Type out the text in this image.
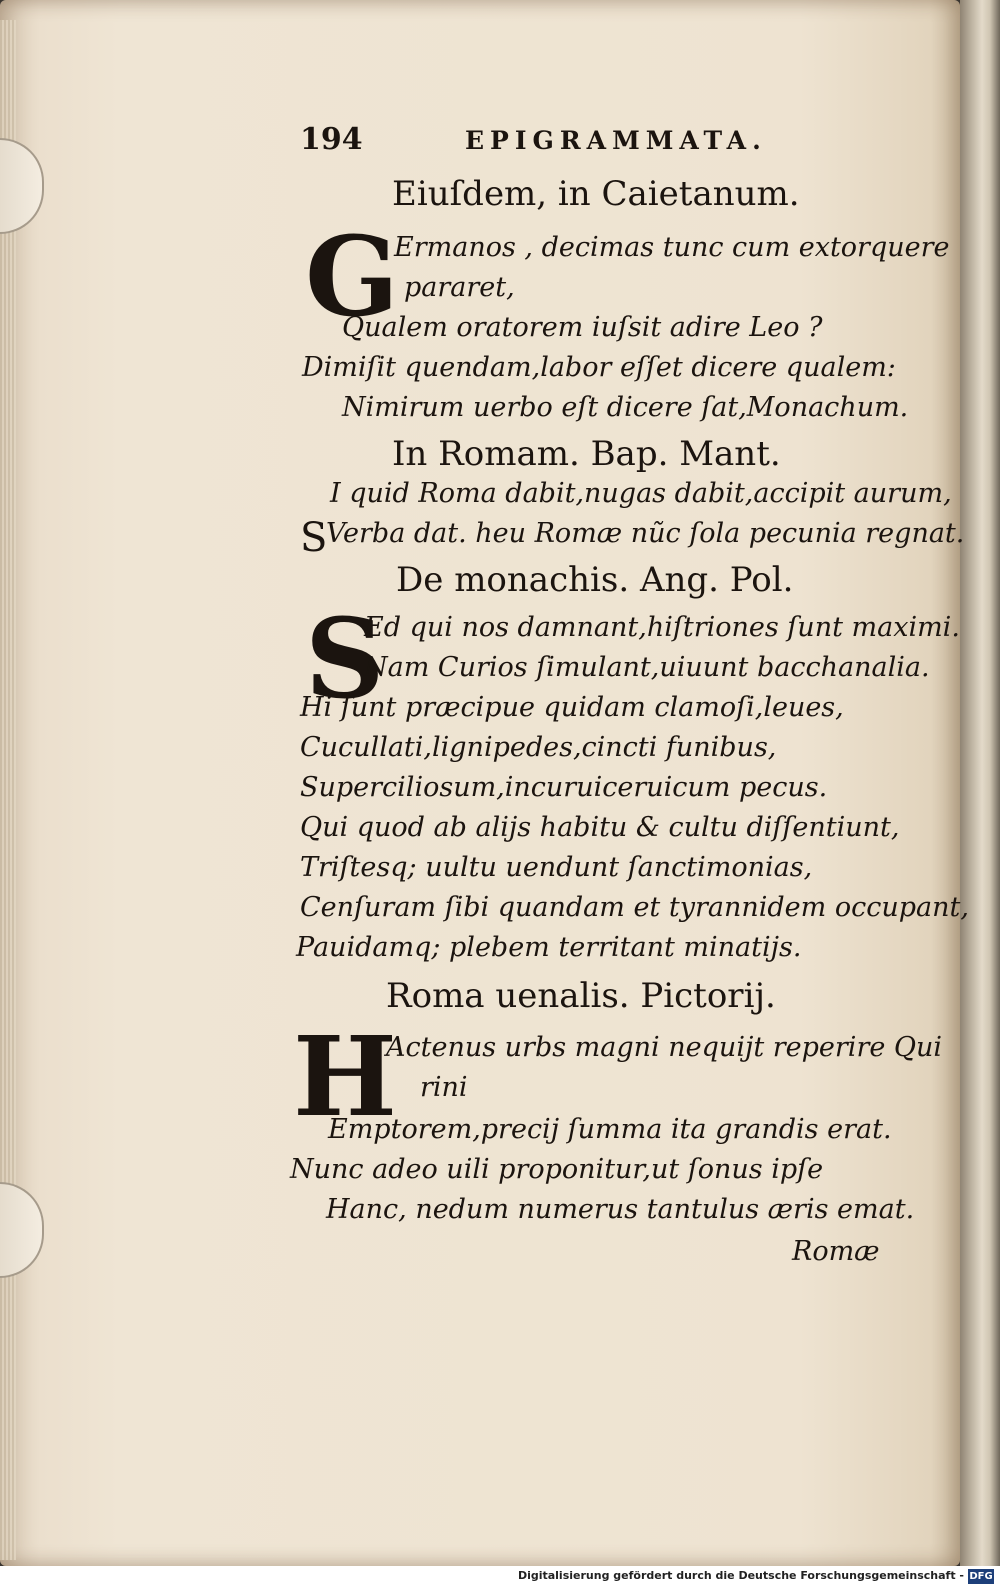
194	EPIGRAMMATA.
Eiuſdem, in Caietanum.
G
Ermanos , decimas tunc cum extorquere
pararet,
Qualem oratorem iuſsit adire Leo ?
Dimiſit quendam,labor eſſet dicere qualem:
Nimirum uerbo eſt dicere ſat,Monachum.
In Romam. Bap. Mant.
S
I quid Roma dabit,nugas dabit,accipit aurum,
Verba dat. heu Romæ nũc ſola pecunia regnat.
De monachis. Ang. Pol.
S
Ed qui nos damnant,hiſtriones ſunt maximi.
Nam Curios ſimulant,uiuunt bacchanalia.
Hi ſunt præcipue quidam clamoſi,leues,
Cucullati,lignipedes,cincti funibus,
Superciliosum,incuruiceruicum pecus.
Qui quod ab alijs habitu & cultu diſſentiunt,
Triſtesq; uultu uendunt ſanctimonias,
Cenſuram ſibi quandam et tyrannidem occupant,
Pauidamq; plebem territant minatijs.
Roma uenalis. Pictorij.
H
Actenus urbs magni nequijt reperire Qui
rini
Emptorem,precij ſumma ita grandis erat.
Nunc adeo uili proponitur,ut ſonus ipſe
Hanc, nedum numerus tantulus æris emat.
Romæ
Digitalisierung gefördert durch die Deutsche Forschungsgemeinschaft - DFG
